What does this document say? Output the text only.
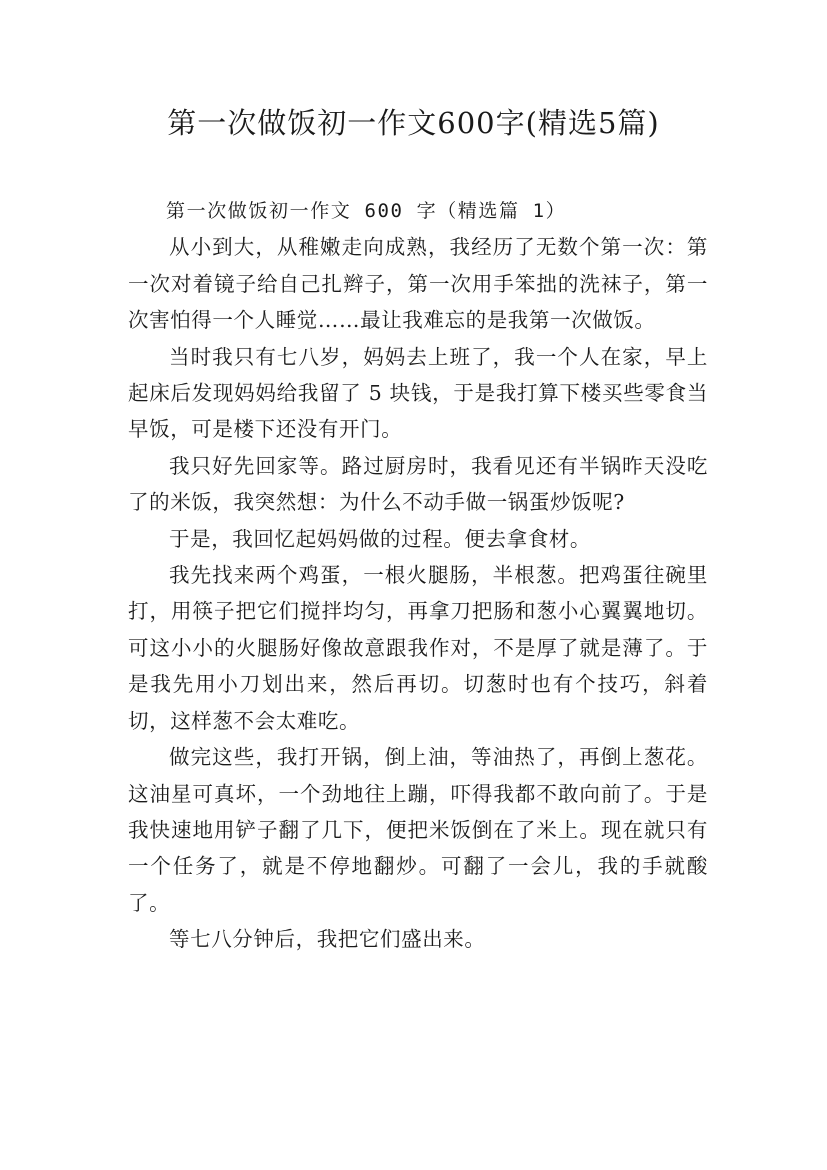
第一次做饭初一作文600字(精选5篇)

第一次做饭初一作文 600 字（精选篇 1）

从小到大，从稚嫩走向成熟，我经历了无数个第一次：第一次对着镜子给自己扎辫子，第一次用手笨拙的洗袜子，第一次害怕得一个人睡觉……最让我难忘的是我第一次做饭。

当时我只有七八岁，妈妈去上班了，我一个人在家，早上起床后发现妈妈给我留了 5 块钱，于是我打算下楼买些零食当早饭，可是楼下还没有开门。

我只好先回家等。路过厨房时，我看见还有半锅昨天没吃了的米饭，我突然想：为什么不动手做一锅蛋炒饭呢?

于是，我回忆起妈妈做的过程。便去拿食材。

我先找来两个鸡蛋，一根火腿肠，半根葱。把鸡蛋往碗里打，用筷子把它们搅拌均匀，再拿刀把肠和葱小心翼翼地切。可这小小的火腿肠好像故意跟我作对，不是厚了就是薄了。于是我先用小刀划出来，然后再切。切葱时也有个技巧，斜着切，这样葱不会太难吃。

做完这些，我打开锅，倒上油，等油热了，再倒上葱花。这油星可真坏，一个劲地往上蹦，吓得我都不敢向前了。于是我快速地用铲子翻了几下，便把米饭倒在了米上。现在就只有一个任务了，就是不停地翻炒。可翻了一会儿，我的手就酸了。

等七八分钟后，我把它们盛出来。
